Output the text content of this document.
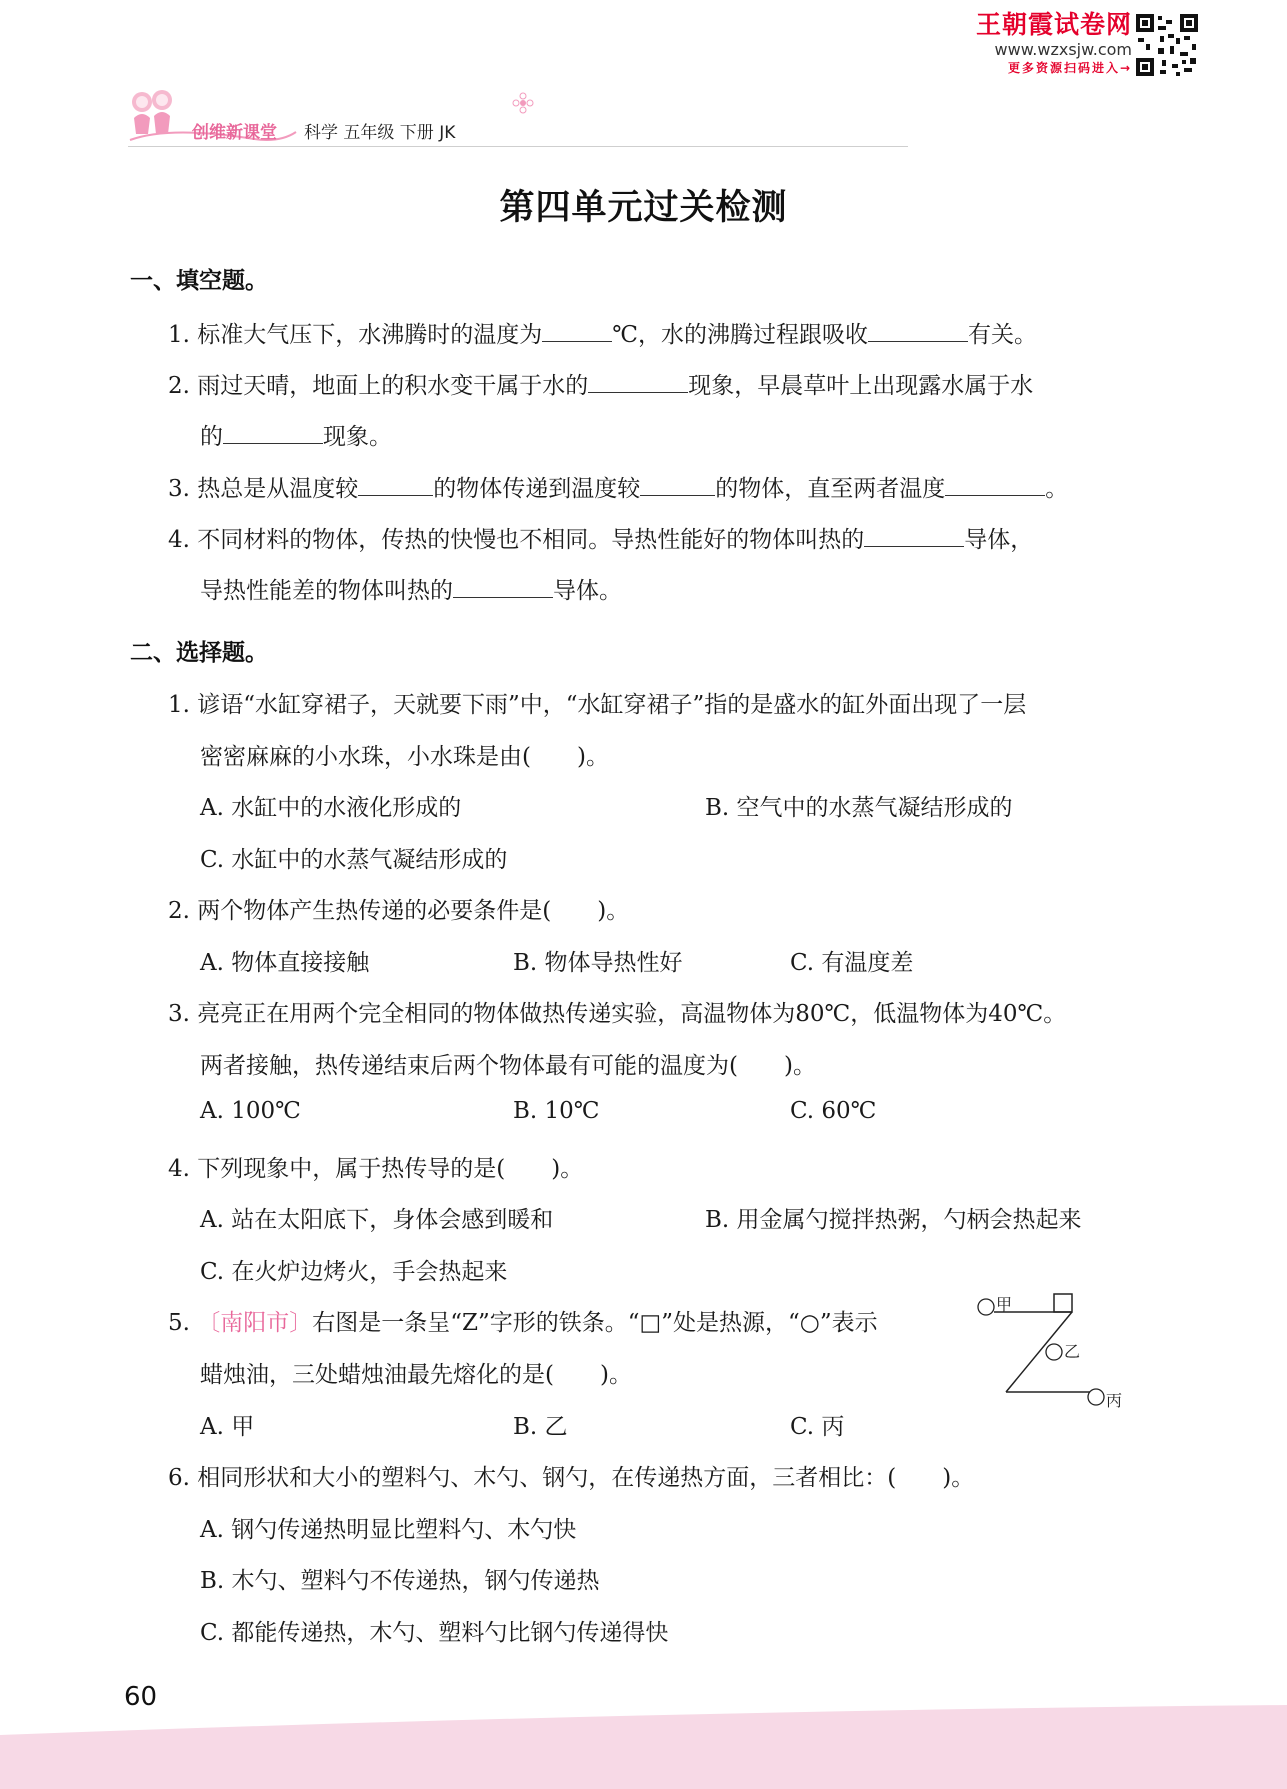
创维新课堂 科学 五年级 下册 JK
王朝霞试卷网
www.wzxsjw.com
更多资源扫码进入→
第四单元过关检测
一、填空题。
1. 标准大气压下，水沸腾时的温度为	℃，水的沸腾过程跟吸收	有关。
2. 雨过天晴，地面上的积水变干属于水的	现象，早晨草叶上出现露水属于水
的	现象。
3. 热总是从温度较	的物体传递到温度较	的物体，直至两者温度	。
4. 不同材料的物体，传热的快慢也不相同。导热性能好的物体叫热的	导体，
导热性能差的物体叫热的	导体。
二、选择题。
1. 谚语“水缸穿裙子，天就要下雨”中，“水缸穿裙子”指的是盛水的缸外面出现了一层
密密麻麻的小水珠，小水珠是由(　　)。
A. 水缸中的水液化形成的	B. 空气中的水蒸气凝结形成的
C. 水缸中的水蒸气凝结形成的
2. 两个物体产生热传递的必要条件是(　　)。
A. 物体直接接触	B. 物体导热性好	C. 有温度差
3. 亮亮正在用两个完全相同的物体做热传递实验，高温物体为80℃，低温物体为40℃。
两者接触，热传递结束后两个物体最有可能的温度为(　　)。
A. 100℃	B. 10℃	C. 60℃
4. 下列现象中，属于热传导的是(　　)。
A. 站在太阳底下，身体会感到暖和	B. 用金属勺搅拌热粥，勺柄会热起来
C. 在火炉边烤火，手会热起来
5. 〔南阳市〕右图是一条呈“Z”字形的铁条。“□”处是热源，“○”表示
蜡烛油，三处蜡烛油最先熔化的是(　　)。
A. 甲	B. 乙	C. 丙
甲
乙
丙
6. 相同形状和大小的塑料勺、木勺、钢勺，在传递热方面，三者相比：(　　)。
A. 钢勺传递热明显比塑料勺、木勺快
B. 木勺、塑料勺不传递热，钢勺传递热
C. 都能传递热，木勺、塑料勺比钢勺传递得快
60
